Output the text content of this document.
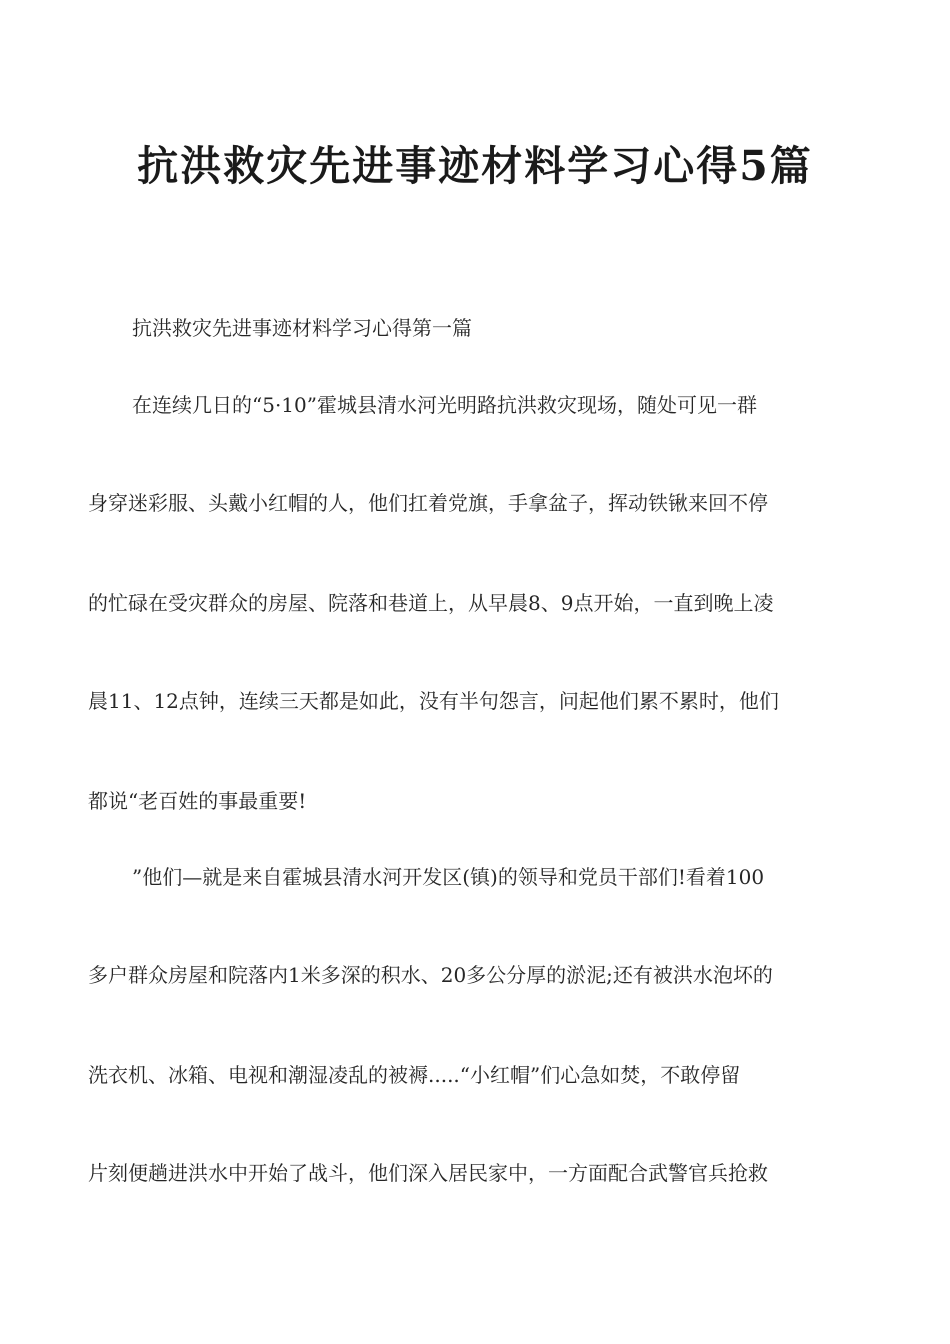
抗洪救灾先进事迹材料学习心得5篇
抗洪救灾先进事迹材料学习心得第一篇
在连续几日的“5·10”霍城县清水河光明路抗洪救灾现场，随处可见一群
身穿迷彩服、头戴小红帽的人，他们扛着党旗，手拿盆子，挥动铁锹来回不停
的忙碌在受灾群众的房屋、院落和巷道上，从早晨8、9点开始，一直到晚上凌
晨11、12点钟，连续三天都是如此，没有半句怨言，问起他们累不累时，他们
都说“老百姓的事最重要!
”他们—就是来自霍城县清水河开发区(镇)的领导和党员干部们!看着100
多户群众房屋和院落内1米多深的积水、20多公分厚的淤泥;还有被洪水泡坏的
洗衣机、冰箱、电视和潮湿凌乱的被褥.....“小红帽”们心急如焚，不敢停留
片刻便趟进洪水中开始了战斗，他们深入居民家中，一方面配合武警官兵抢救
